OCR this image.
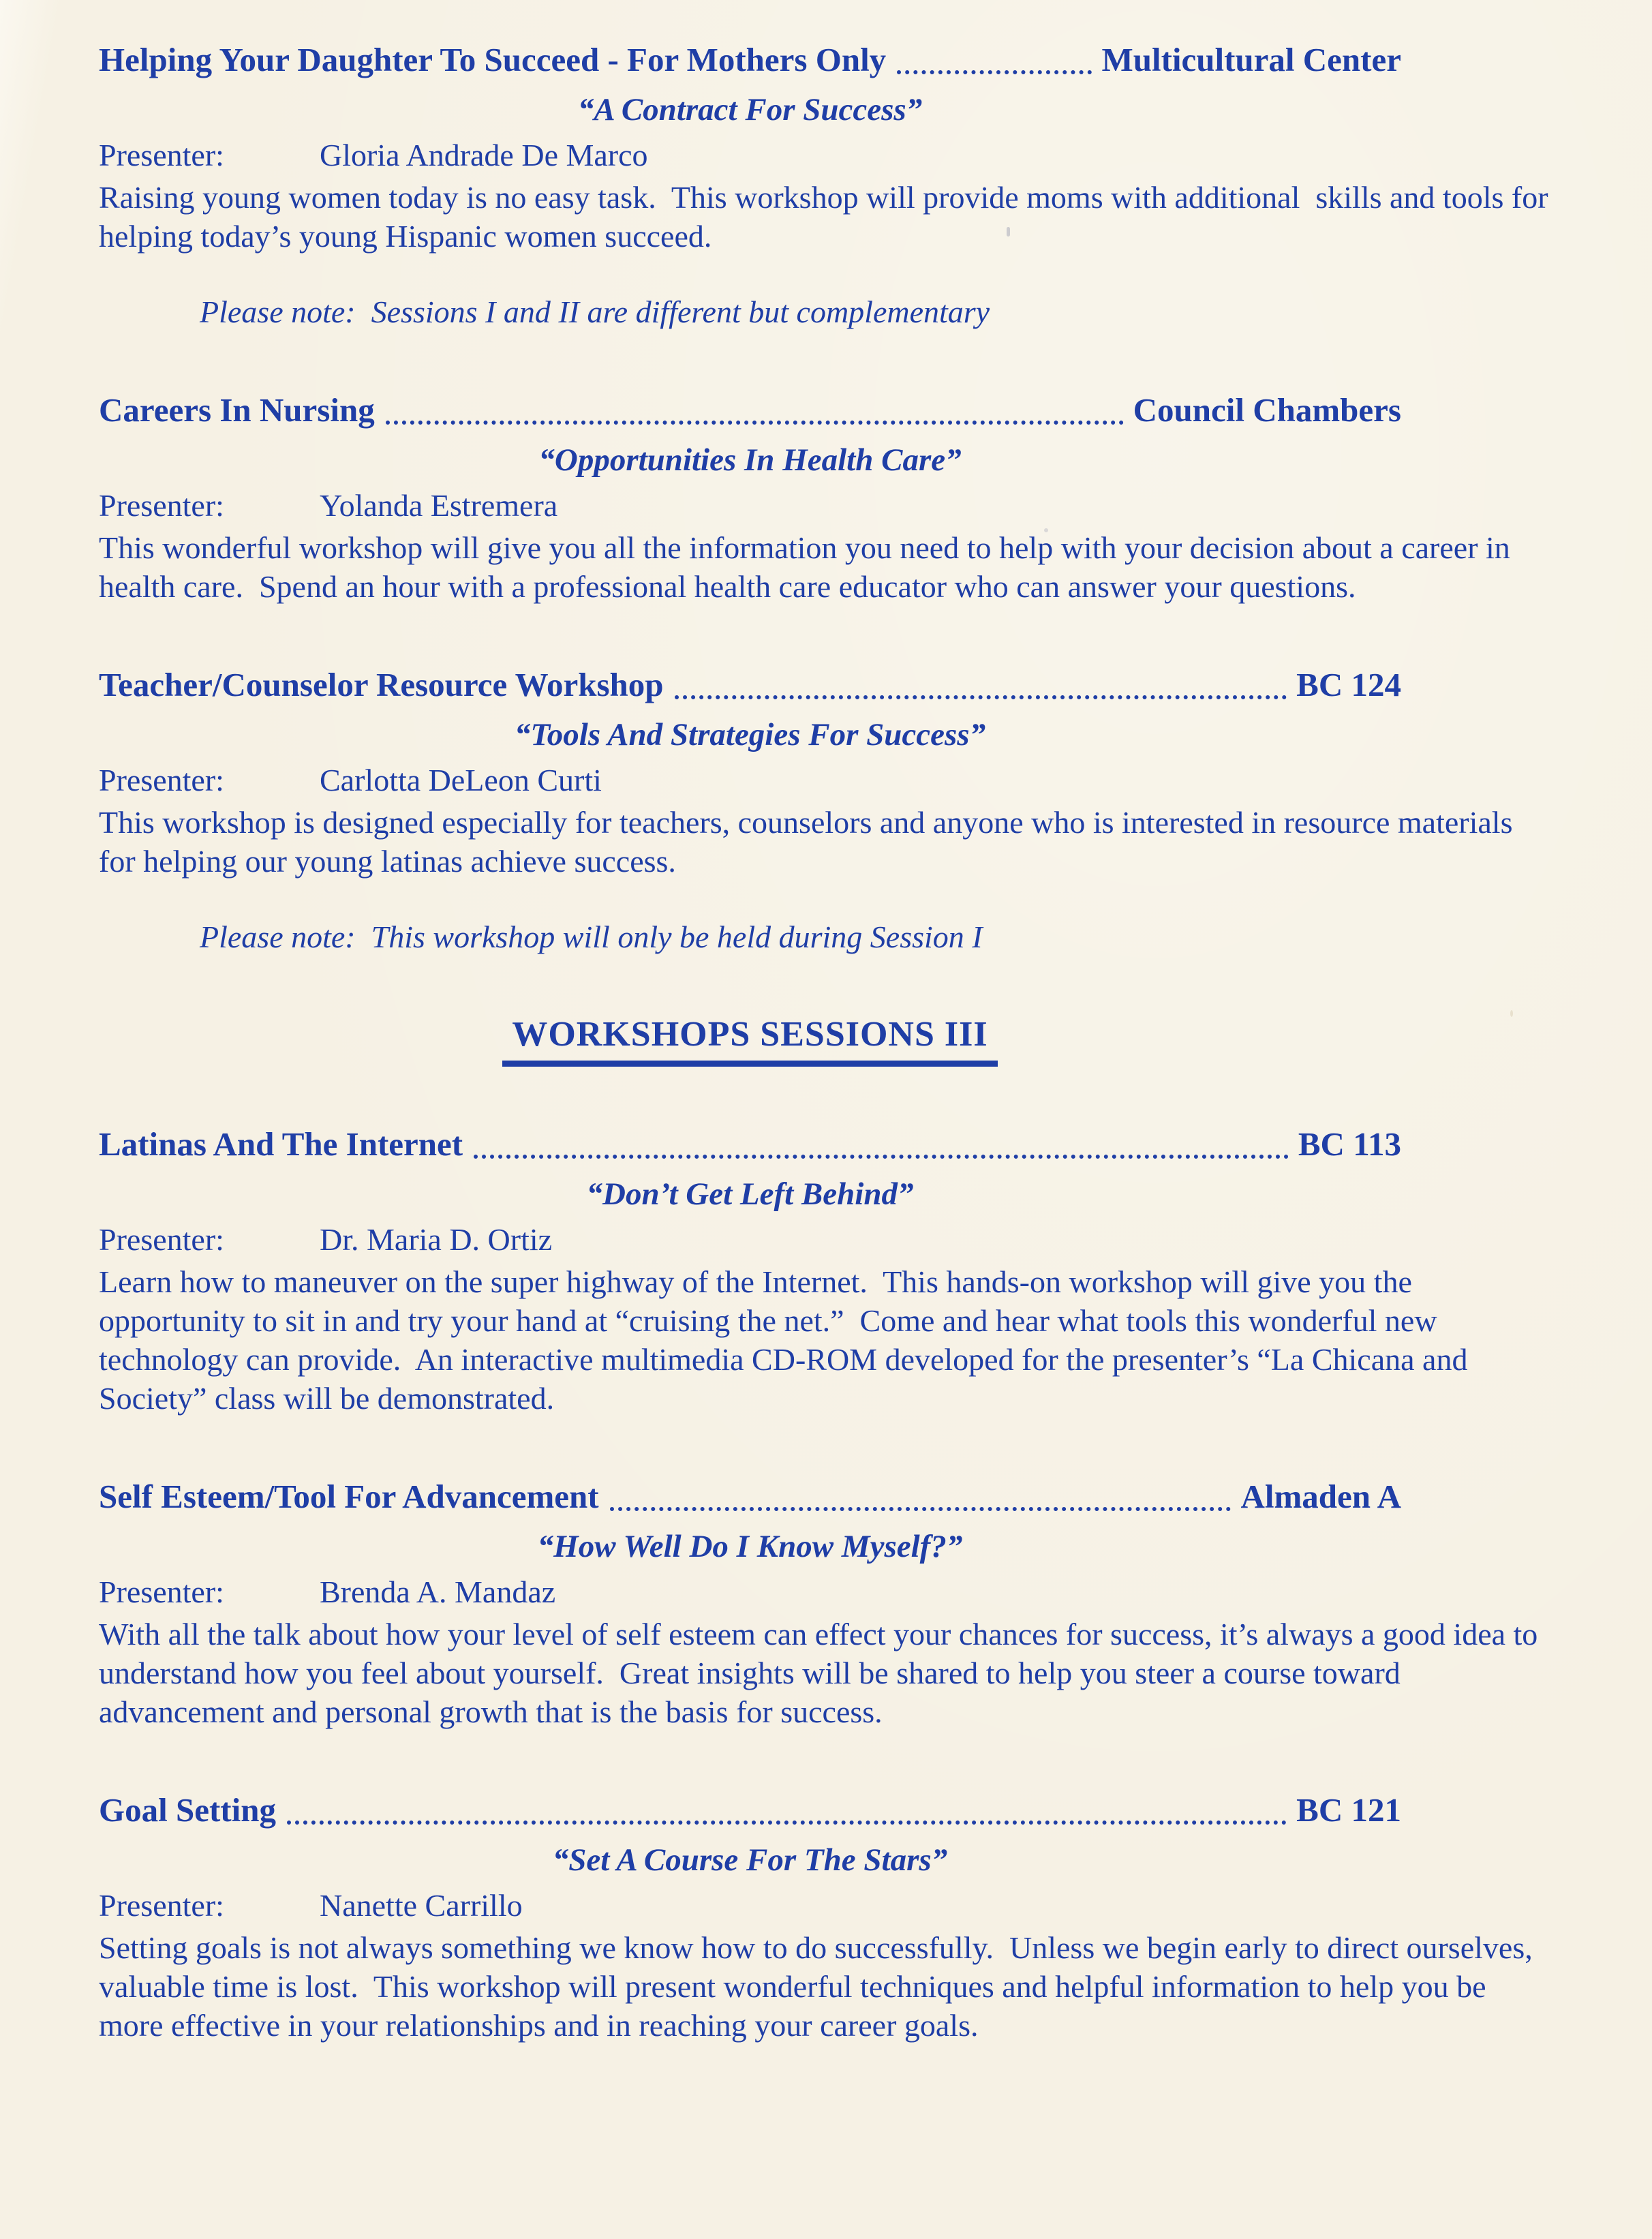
Helping Your Daughter To Succeed - For Mothers Only	Multicultural Center
“A Contract For Success”
Presenter:	Gloria Andrade De Marco

Raising young women today is no easy task.  This workshop will provide moms with additional  skills and tools for helping today’s young Hispanic women succeed.

Please note:  Sessions I and II are different but complementary
Careers In Nursing	Council Chambers
“Opportunities In Health Care”
Presenter:	Yolanda Estremera

This wonderful workshop will give you all the information you need to help with your decision about a career in health care.  Spend an hour with a professional health care educator who can answer your questions.

Teacher/Counselor Resource Workshop	BC 124
“Tools And Strategies For Success”
Presenter:	Carlotta DeLeon Curti

This workshop is designed especially for teachers, counselors and anyone who is interested in resource materials for helping our young latinas achieve success.

Please note:  This workshop will only be held during Session I
WORKSHOPS SESSIONS III
Latinas And The Internet	BC 113
“Don’t Get Left Behind”
Presenter:	Dr. Maria D. Ortiz

Learn how to maneuver on the super highway of the Internet.  This hands-on workshop will give you the opportunity to sit in and try your hand at “cruising the net.”  Come and hear what tools this wonderful new technology can provide.  An interactive multimedia CD-ROM developed for the presenter’s “La Chicana and Society” class will be demonstrated.

Self Esteem/Tool For Advancement	Almaden A
“How Well Do I Know Myself?”
Presenter:	Brenda A. Mandaz

With all the talk about how your level of self esteem can effect your chances for success, it’s always a good idea to understand how you feel about yourself.  Great insights will be shared to help you steer a course toward advancement and personal growth that is the basis for success.

Goal Setting	BC 121
“Set A Course For The Stars”
Presenter:	Nanette Carrillo

Setting goals is not always something we know how to do successfully.  Unless we begin early to direct ourselves, valuable time is lost.  This workshop will present wonderful techniques and helpful information to help you be more effective in your relationships and in reaching your career goals.
